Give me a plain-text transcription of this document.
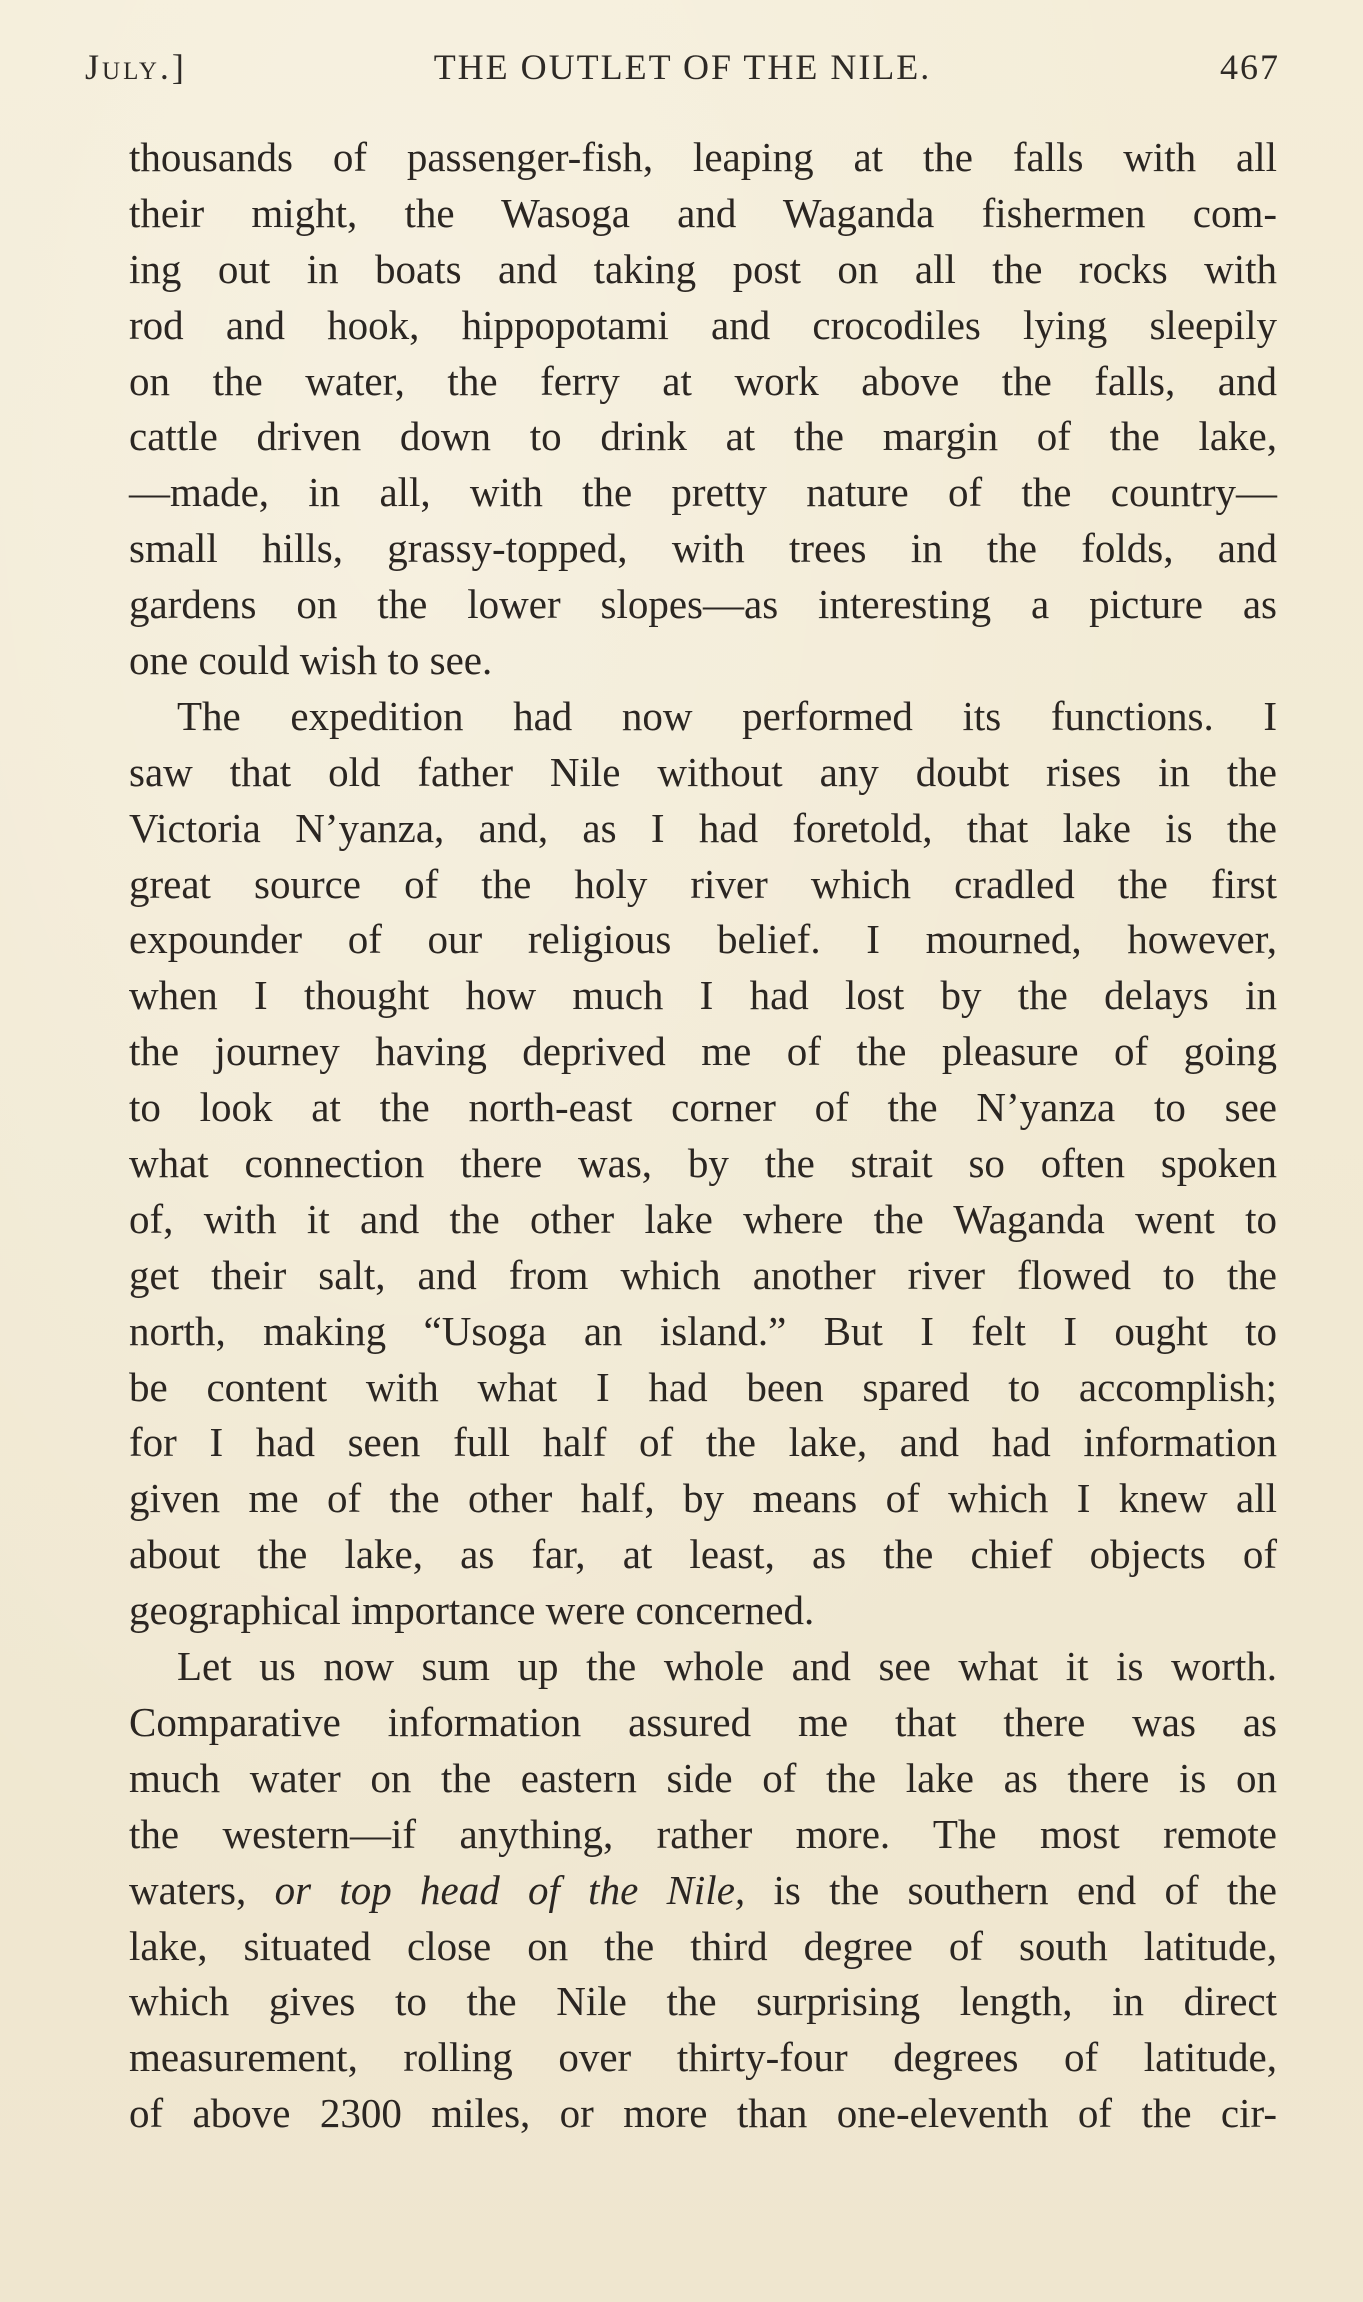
July.]	THE OUTLET OF THE NILE.	467
thousands of passenger-fish, leaping at the falls with all
their might, the Wasoga and Waganda fishermen com-
ing out in boats and taking post on all the rocks with
rod and hook, hippopotami and crocodiles lying sleepily
on the water, the ferry at work above the falls, and
cattle driven down to drink at the margin of the lake,
—made, in all, with the pretty nature of the country—
small hills, grassy-topped, with trees in the folds, and
gardens on the lower slopes—as interesting a picture as
one could wish to see.
The expedition had now performed its functions. I
saw that old father Nile without any doubt rises in the
Victoria N’yanza, and, as I had foretold, that lake is the
great source of the holy river which cradled the first
expounder of our religious belief. I mourned, however,
when I thought how much I had lost by the delays in
the journey having deprived me of the pleasure of going
to look at the north-east corner of the N’yanza to see
what connection there was, by the strait so often spoken
of, with it and the other lake where the Waganda went to
get their salt, and from which another river flowed to the
north, making “Usoga an island.” But I felt I ought to
be content with what I had been spared to accomplish;
for I had seen full half of the lake, and had information
given me of the other half, by means of which I knew all
about the lake, as far, at least, as the chief objects of
geographical importance were concerned.
Let us now sum up the whole and see what it is worth.
Comparative information assured me that there was as
much water on the eastern side of the lake as there is on
the western—if anything, rather more. The most remote
waters, or top head of the Nile, is the southern end of the
lake, situated close on the third degree of south latitude,
which gives to the Nile the surprising length, in direct
measurement, rolling over thirty-four degrees of latitude,
of above 2300 miles, or more than one-eleventh of the cir-
